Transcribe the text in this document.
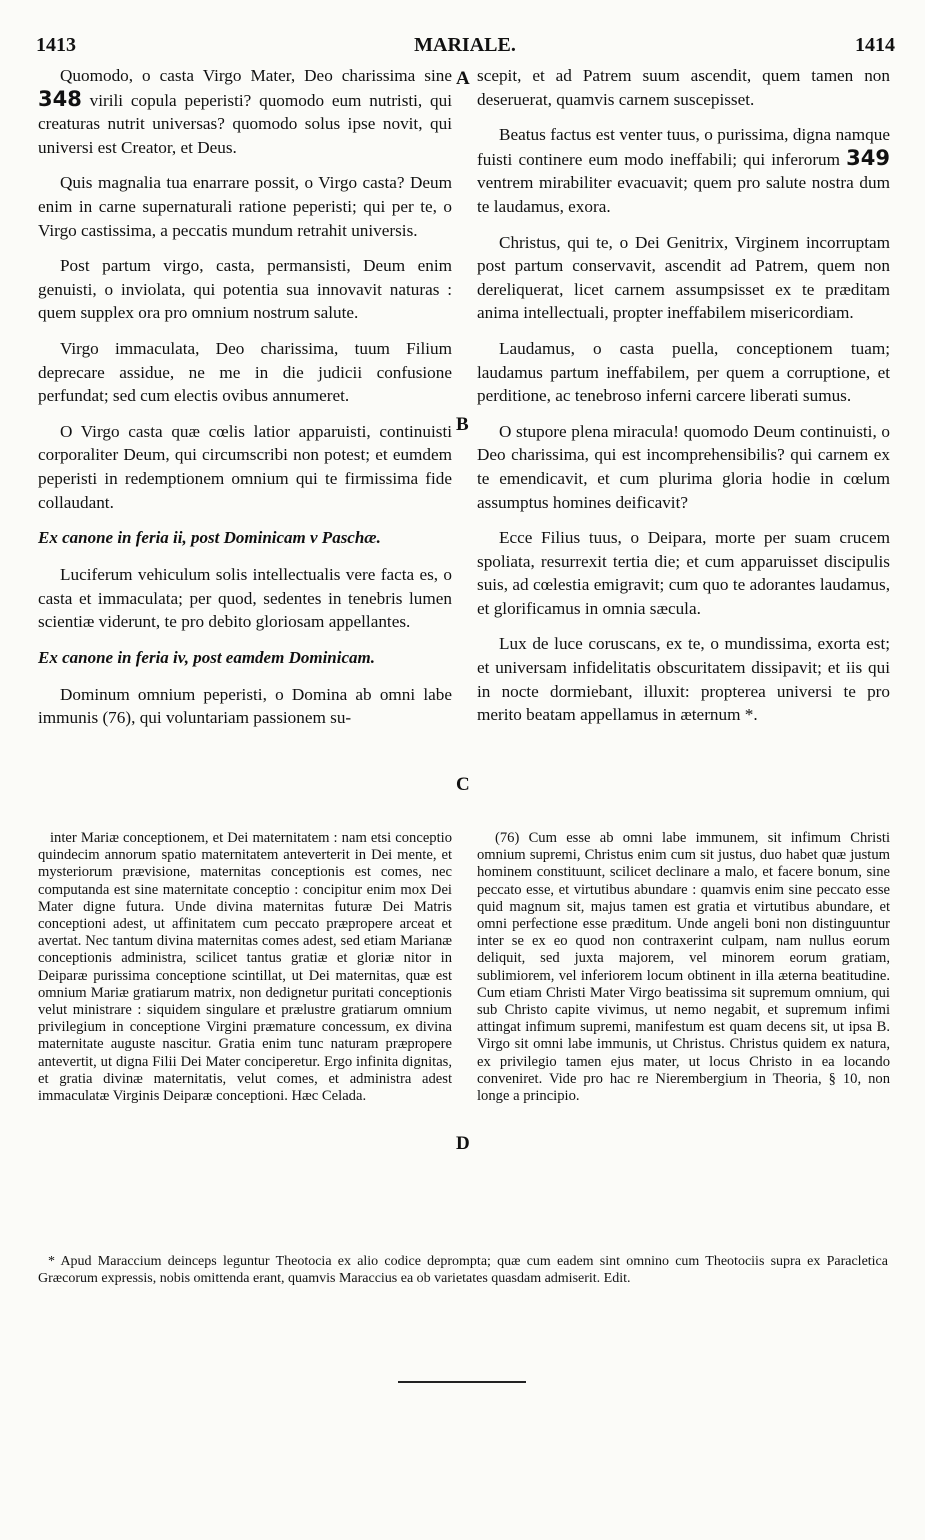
1413	MARIALE.	1414
A
B
C
D

Quomodo, o casta Virgo Mater, Deo charissima sine 348 virili copula peperisti? quomodo eum nutristi, qui creaturas nutrit universas? quomodo solus ipse novit, qui universi est Creator, et Deus.

Quis magnalia tua enarrare possit, o Virgo casta? Deum enim in carne supernaturali ratione peperisti; qui per te, o Virgo castissima, a peccatis mundum retrahit universis.

Post partum virgo, casta, permansisti, Deum enim genuisti, o inviolata, qui potentia sua innovavit naturas : quem supplex ora pro omnium nostrum salute.

Virgo immaculata, Deo charissima, tuum Filium deprecare assidue, ne me in die judicii confusione perfundat; sed cum electis ovibus annumeret.

O Virgo casta quæ cœlis latior apparuisti, continuisti corporaliter Deum, qui circumscribi non potest; et eumdem peperisti in redemptionem omnium qui te firmissima fide collaudant.

Ex canone in feria ii, post Dominicam v Paschæ.

Luciferum vehiculum solis intellectualis vere facta es, o casta et immaculata; per quod, sedentes in tenebris lumen scientiæ viderunt, te pro debito gloriosam appellantes.

Ex canone in feria iv, post eamdem Dominicam.

Dominum omnium peperisti, o Domina ab omni labe immunis (76), qui voluntariam passionem su-

scepit, et ad Patrem suum ascendit, quem tamen non deseruerat, quamvis carnem suscepisset.

Beatus factus est venter tuus, o purissima, digna namque fuisti continere eum modo ineffabili; qui inferorum 349 ventrem mirabiliter evacuavit; quem pro salute nostra dum te laudamus, exora.

Christus, qui te, o Dei Genitrix, Virginem incorruptam post partum conservavit, ascendit ad Patrem, quem non dereliquerat, licet carnem assumpsisset ex te præditam anima intellectuali, propter ineffabilem misericordiam.

Laudamus, o casta puella, conceptionem tuam; laudamus partum ineffabilem, per quem a corruptione, et perditione, ac tenebroso inferni carcere liberati sumus.

O stupore plena miracula! quomodo Deum continuisti, o Deo charissima, qui est incomprehensibilis? qui carnem ex te emendicavit, et cum plurima gloria hodie in cœlum assumptus homines deificavit?

Ecce Filius tuus, o Deipara, morte per suam crucem spoliata, resurrexit tertia die; et cum apparuisset discipulis suis, ad cœlestia emigravit; cum quo te adorantes laudamus, et glorificamus in omnia sæcula.

Lux de luce coruscans, ex te, o mundissima, exorta est; et universam infidelitatis obscuritatem dissipavit; et iis qui in nocte dormiebant, illuxit: propterea universi te pro merito beatam appellamus in æternum *.

inter Mariæ conceptionem, et Dei maternitatem : nam etsi conceptio quindecim annorum spatio maternitatem anteverterit in Dei mente, et mysteriorum prævisione, maternitas conceptionis est comes, nec computanda est sine maternitate conceptio : concipitur enim mox Dei Mater digne futura. Unde divina maternitas futuræ Dei Matris conceptioni adest, ut affinitatem cum peccato præpropere arceat et avertat. Nec tantum divina maternitas comes adest, sed etiam Marianæ conceptionis administra, scilicet tantus gratiæ et gloriæ nitor in Deiparæ purissima conceptione scintillat, ut Dei maternitas, quæ est omnium Mariæ gratiarum matrix, non dedignetur puritati conceptionis velut ministrare : siquidem singulare et prælustre gratiarum omnium privilegium in conceptione Virgini præmature concessum, ex divina maternitate auguste nascitur. Gratia enim tunc naturam præpropere antevertit, ut digna Filii Dei Mater conciperetur. Ergo infinita dignitas, et gratia divinæ maternitatis, velut comes, et administra adest immaculatæ Virginis Deiparæ conceptioni. Hæc Celada.
(76) Cum esse ab omni labe immunem, sit infimum Christi omnium supremi, Christus enim cum sit justus, duo habet quæ justum hominem constituunt, scilicet declinare a malo, et facere bonum, sine peccato esse, et virtutibus abundare : quamvis enim sine peccato esse quid magnum sit, majus tamen est gratia et virtutibus abundare, et omni perfectione esse præditum. Unde angeli boni non distinguuntur inter se ex eo quod non contraxerint culpam, nam nullus eorum deliquit, sed juxta majorem, vel minorem eorum gratiam, sublimiorem, vel inferiorem locum obtinent in illa æterna beatitudine. Cum etiam Christi Mater Virgo beatissima sit supremum omnium, qui sub Christo capite vivimus, ut nemo negabit, et supremum infimi attingat infimum supremi, manifestum est quam decens sit, ut ipsa B. Virgo sit omni labe immunis, ut Christus. Christus quidem ex natura, ex privilegio tamen ejus mater, ut locus Christo in ea locando conveniret. Vide pro hac re Nierembergium in Theoria, § 10, non longe a principio.
* Apud Maraccium deinceps leguntur Theotocia ex alio codice deprompta; quæ cum eadem sint omnino cum Theotociis supra ex Paracletica Græcorum expressis, nobis omittenda erant, quamvis Maraccius ea ob varietates quasdam admiserit. Edit.
